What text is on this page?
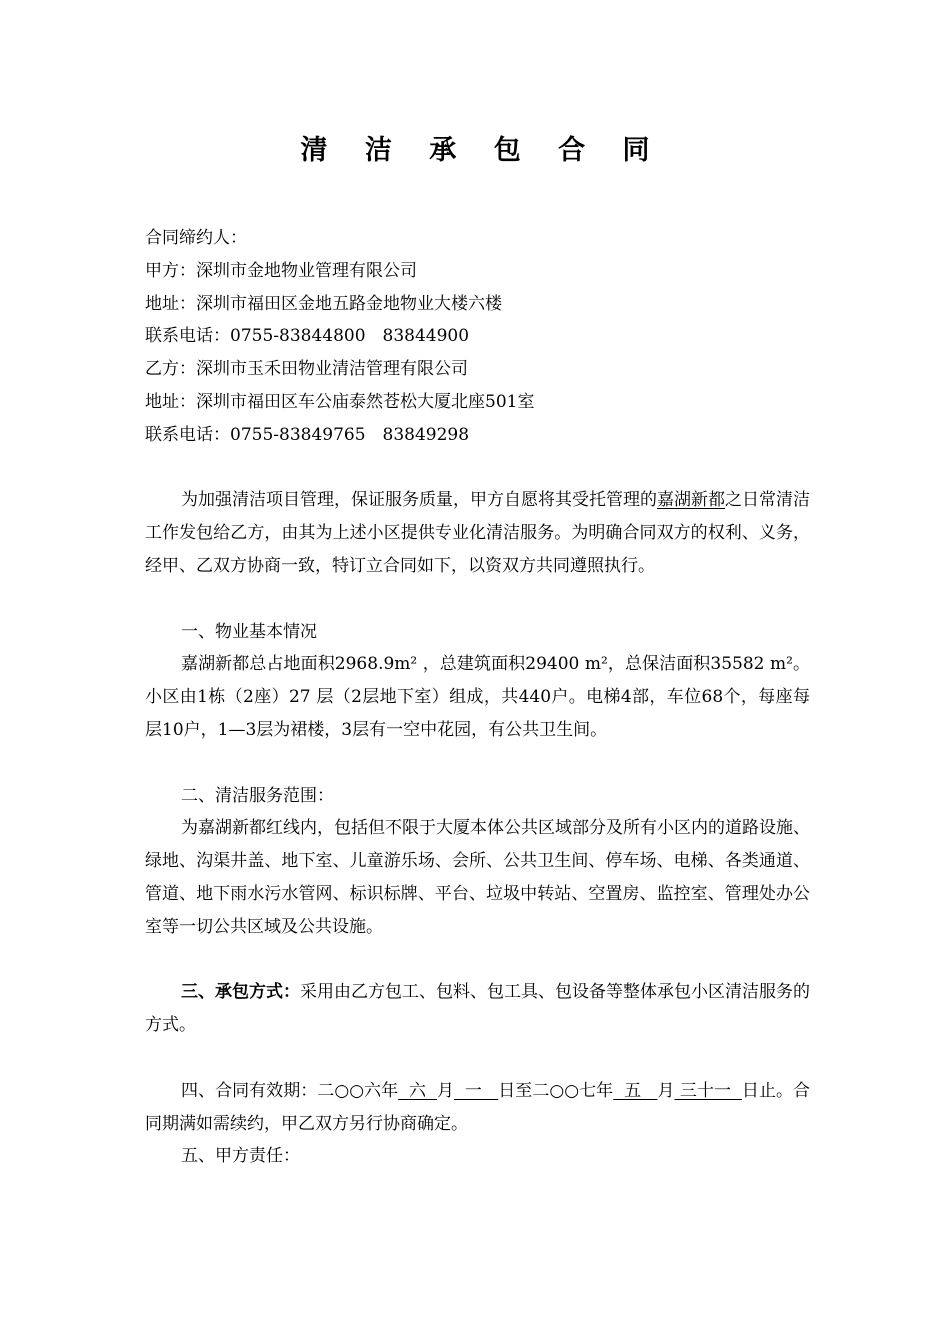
清 洁 承 包 合 同

合同缔约人：

甲方：深圳市金地物业管理有限公司

地址：深圳市福田区金地五路金地物业大楼六楼

联系电话：0755-83844800　83844900

乙方：深圳市玉禾田物业清洁管理有限公司

地址：深圳市福田区车公庙泰然苍松大厦北座501室

联系电话：0755-83849765　83849298

为加强清洁项目管理，保证服务质量，甲方自愿将其受托管理的嘉湖新都之日常清洁工作发包给乙方，由其为上述小区提供专业化清洁服务。为明确合同双方的权利、义务，经甲、乙双方协商一致，特订立合同如下，以资双方共同遵照执行。

一、物业基本情况

嘉湖新都总占地面积2968.9m² ，总建筑面积29400 m²，总保洁面积35582 m²。小区由1栋（2座）27 层（2层地下室）组成，共440户。电梯4部，车位68个，每座每层10户，1—3层为裙楼，3层有一空中花园，有公共卫生间。

二、清洁服务范围：

为嘉湖新都红线内，包括但不限于大厦本体公共区域部分及所有小区内的道路设施、绿地、沟渠井盖、地下室、儿童游乐场、会所、公共卫生间、停车场、电梯、各类通道、管道、地下雨水污水管网、标识标牌、平台、垃圾中转站、空置房、监控室、管理处办公室等一切公共区域及公共设施。

三、承包方式：采用由乙方包工、包料、包工具、包设备等整体承包小区清洁服务的方式。

四、合同有效期：二○○六年  六  月  一   日至二○○七年  五   月 三十一  日止。合同期满如需续约，甲乙双方另行协商确定。

五、甲方责任：
